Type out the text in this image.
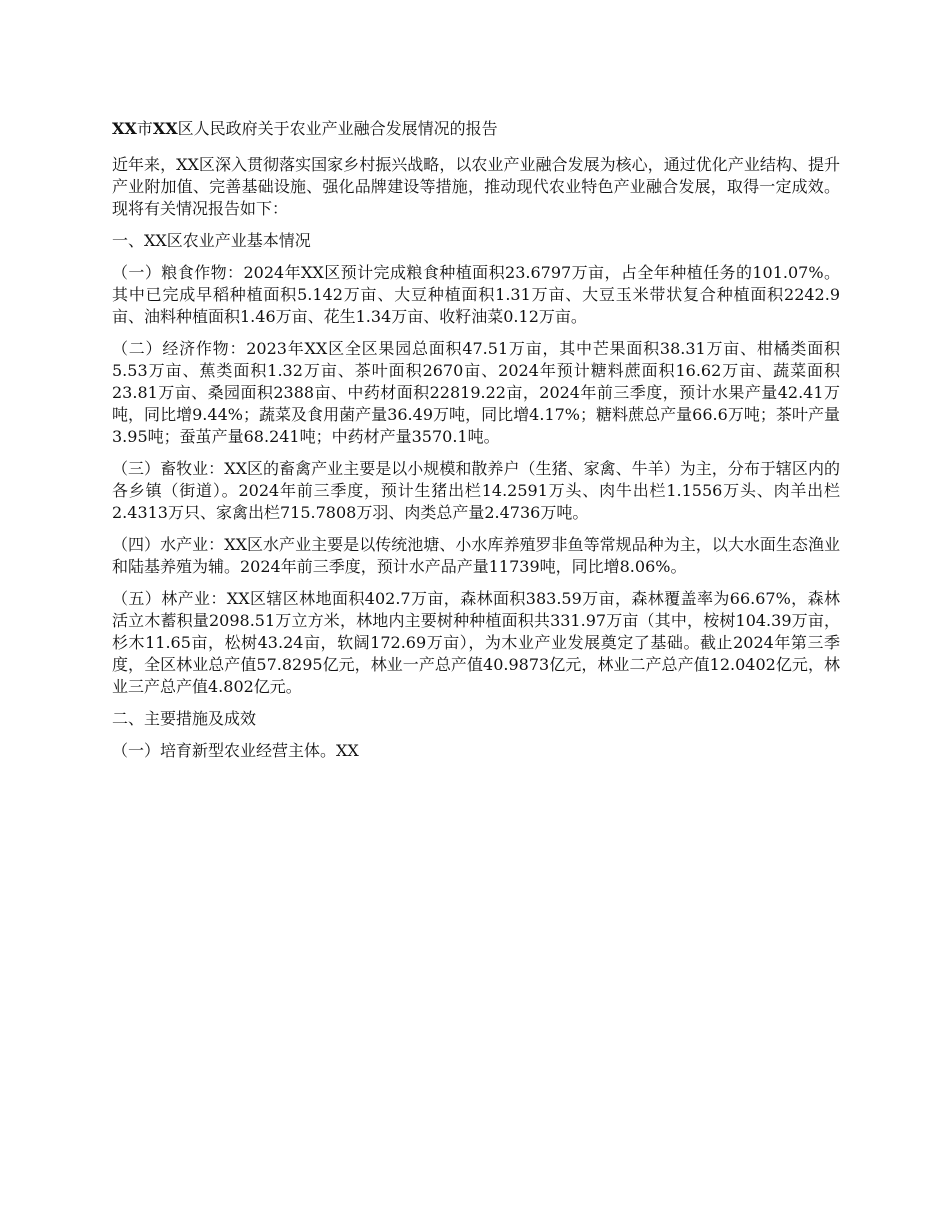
XX市XX区人民政府关于农业产业融合发展情况的报告

近年来，XX区深入贯彻落实国家乡村振兴战略，以农业产业融合发展为核心，通过优化产业结构、提升产业附加值、完善基础设施、强化品牌建设等措施，推动现代农业特色产业融合发展，取得一定成效。现将有关情况报告如下：

一、XX区农业产业基本情况

（一）粮食作物：2024年XX区预计完成粮食种植面积23.6797万亩，占全年种植任务的101.07%。其中已完成早稻种植面积5.142万亩、大豆种植面积1.31万亩、大豆玉米带状复合种植面积2242.9亩、油料种植面积1.46万亩、花生1.34万亩、收籽油菜0.12万亩。

（二）经济作物：2023年XX区全区果园总面积47.51万亩，其中芒果面积38.31万亩、柑橘类面积5.53万亩、蕉类面积1.32万亩、茶叶面积2670亩、2024年预计糖料蔗面积16.62万亩、蔬菜面积23.81万亩、桑园面积2388亩、中药材面积22819.22亩，2024年前三季度，预计水果产量42.41万吨，同比增9.44%；蔬菜及食用菌产量36.49万吨，同比增4.17%；糖料蔗总产量66.6万吨；茶叶产量3.95吨；蚕茧产量68.241吨；中药材产量3570.1吨。

（三）畜牧业：XX区的畜禽产业主要是以小规模和散养户（生猪、家禽、牛羊）为主，分布于辖区内的各乡镇（街道）。2024年前三季度，预计生猪出栏14.2591万头、肉牛出栏1.1556万头、肉羊出栏2.4313万只、家禽出栏715.7808万羽、肉类总产量2.4736万吨。

（四）水产业：XX区水产业主要是以传统池塘、小水库养殖罗非鱼等常规品种为主，以大水面生态渔业和陆基养殖为辅。2024年前三季度，预计水产品产量11739吨，同比增8.06%。

（五）林产业：XX区辖区林地面积402.7万亩，森林面积383.59万亩，森林覆盖率为66.67%，森林活立木蓄积量2098.51万立方米，林地内主要树种种植面积共331.97万亩（其中，桉树104.39万亩，杉木11.65亩，松树43.24亩，软阔172.69万亩），为木业产业发展奠定了基础。截止2024年第三季度，全区林业总产值57.8295亿元，林业一产总产值40.9873亿元，林业二产总产值12.0402亿元，林业三产总产值4.802亿元。

二、主要措施及成效

（一）培育新型农业经营主体。XX
